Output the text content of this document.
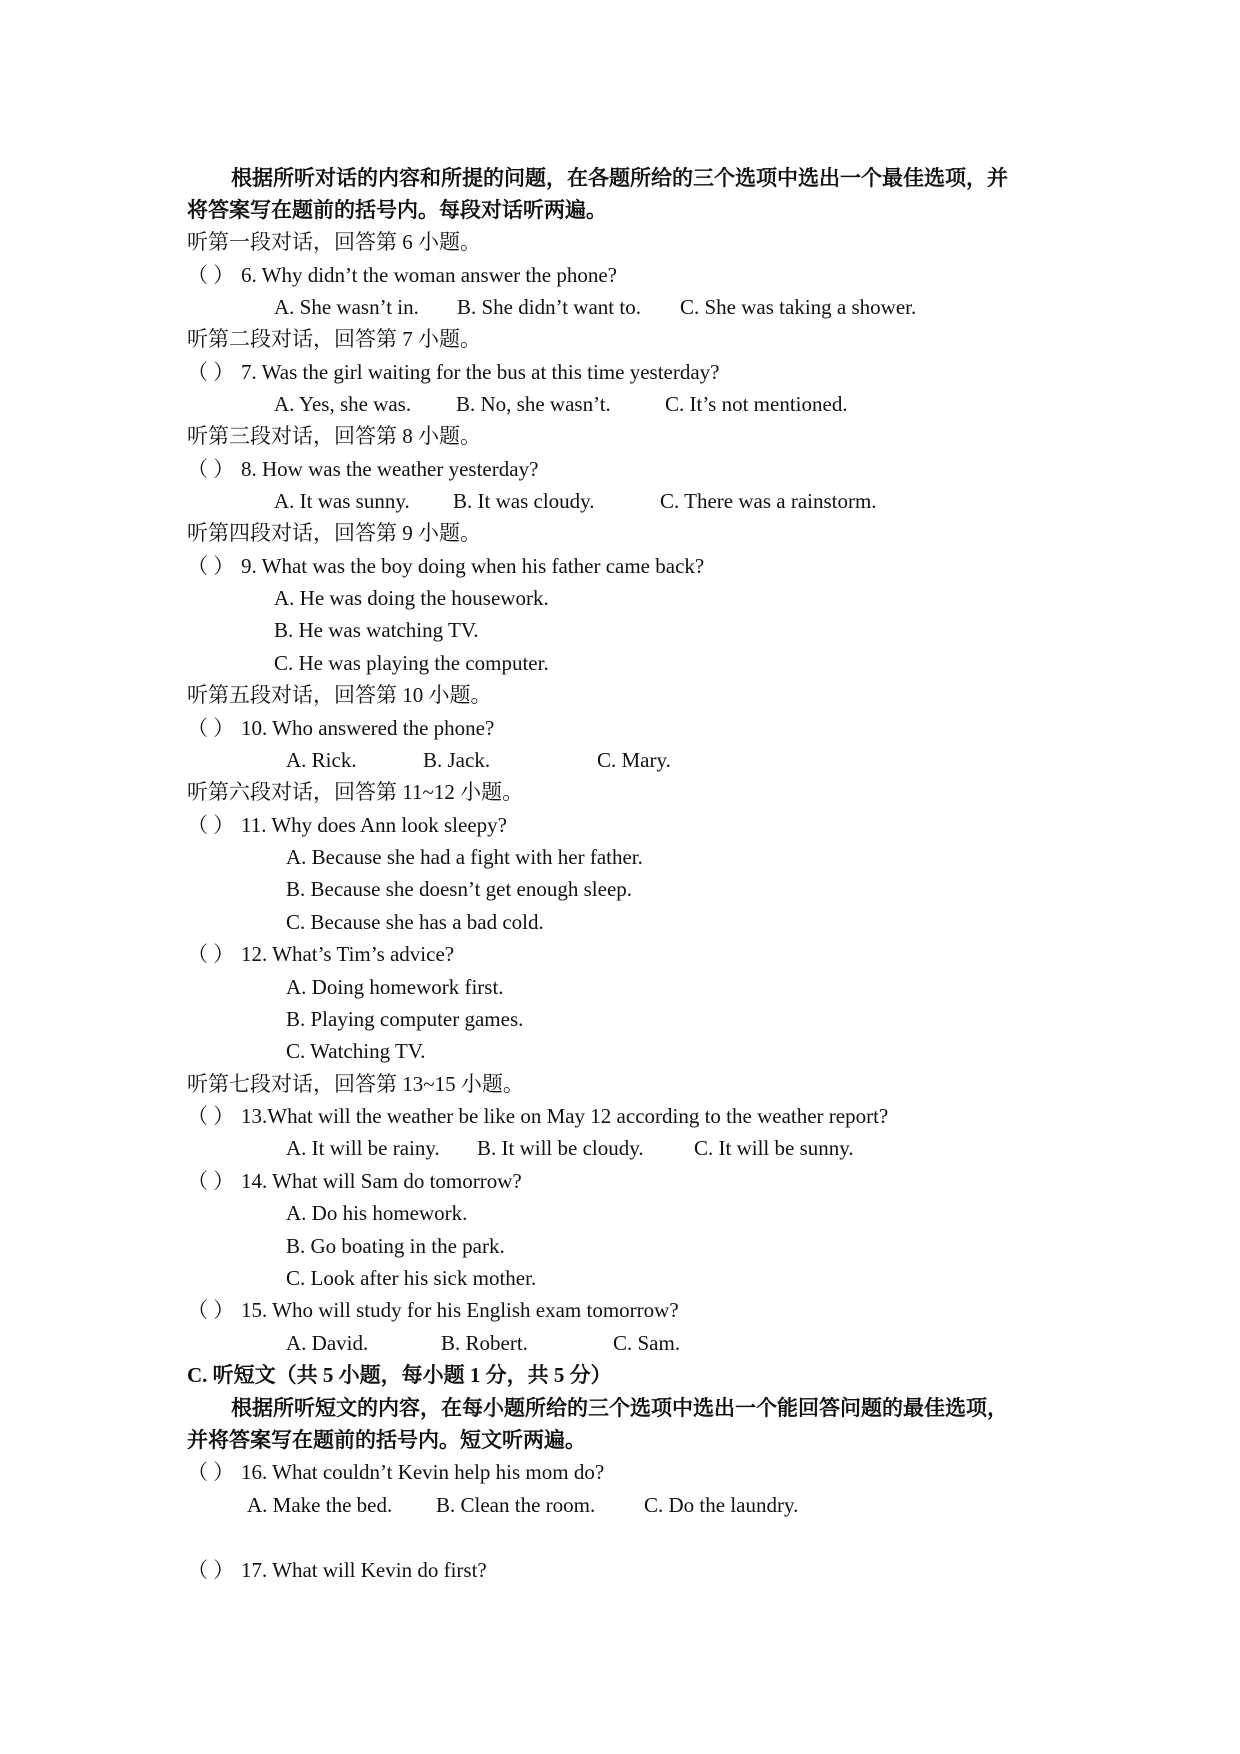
根据所听对话的内容和所提的问题，在各题所给的三个选项中选出一个最佳选项，并
将答案写在题前的括号内。每段对话听两遍。
听第一段对话，回答第 6 小题。
（ ） 6. Why didn’t the woman answer the phone?
A. She wasn’t in. B. She didn’t want to. C. She was taking a shower.
听第二段对话，回答第 7 小题。
（ ） 7. Was the girl waiting for the bus at this time yesterday?
A. Yes, she was. B. No, she wasn’t.	C. It’s not mentioned.
听第三段对话，回答第 8 小题。
（ ） 8. How was the weather yesterday?
A. It was sunny. B. It was cloudy.	C. There was a rainstorm.
听第四段对话，回答第 9 小题。
（ ） 9. What was the boy doing when his father came back?
A. He was doing the housework.
B. He was watching TV.
C. He was playing the computer.
听第五段对话，回答第 10 小题。
（ ） 10. Who answered the phone?
A. Rick.	B. Jack.	C. Mary.
听第六段对话，回答第 11~12 小题。
（ ） 11. Why does Ann look sleepy?
A. Because she had a fight with her father.
B. Because she doesn’t get enough sleep.
C. Because she has a bad cold.
（ ） 12. What’s Tim’s advice?
A. Doing homework first.
B. Playing computer games.
C. Watching TV.
听第七段对话，回答第 13~15 小题。
（ ） 13.What will the weather be like on May 12 according to the weather report?
A. It will be rainy. B. It will be cloudy. C. It will be sunny.
（ ） 14. What will Sam do tomorrow?
A. Do his homework.
B. Go boating in the park.
C. Look after his sick mother.
（ ） 15. Who will study for his English exam tomorrow?
A. David.	B. Robert.	C. Sam.
C. 听短文（共 5 小题，每小题 1 分，共 5 分）
根据所听短文的内容，在每小题所给的三个选项中选出一个能回答问题的最佳选项，
并将答案写在题前的括号内。短文听两遍。
（ ） 16. What couldn’t Kevin help his mom do?
A. Make the bed. B. Clean the room. C. Do the laundry.
（ ） 17. What will Kevin do first?
